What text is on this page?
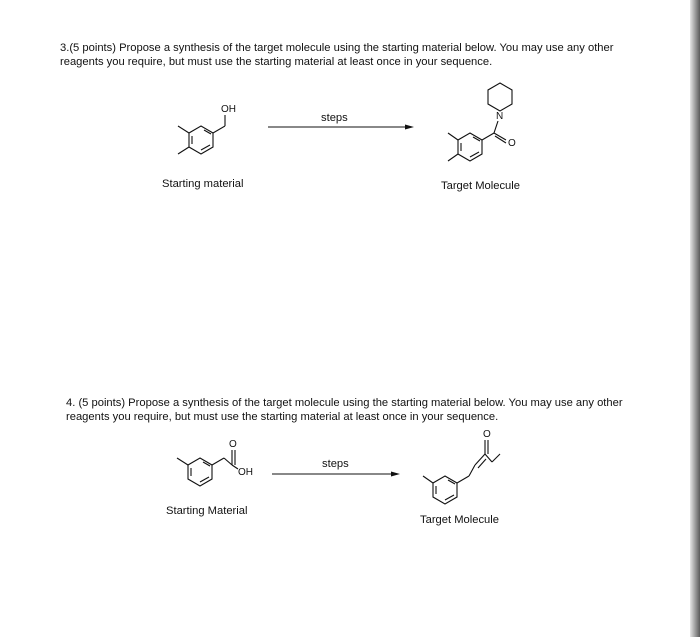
3.(5 points) Propose a synthesis of the target molecule using the starting material below. You may use any other reagents you require, but must use the starting material at least once in your sequence.

OH

steps	N
O

Starting material	Target Molecule

4. (5 points) Propose a synthesis of the target molecule using the starting material below. You may use any other reagents you require, but must use the starting material at least once in your sequence.

O
OH

steps

O

Starting Material

Target Molecule
